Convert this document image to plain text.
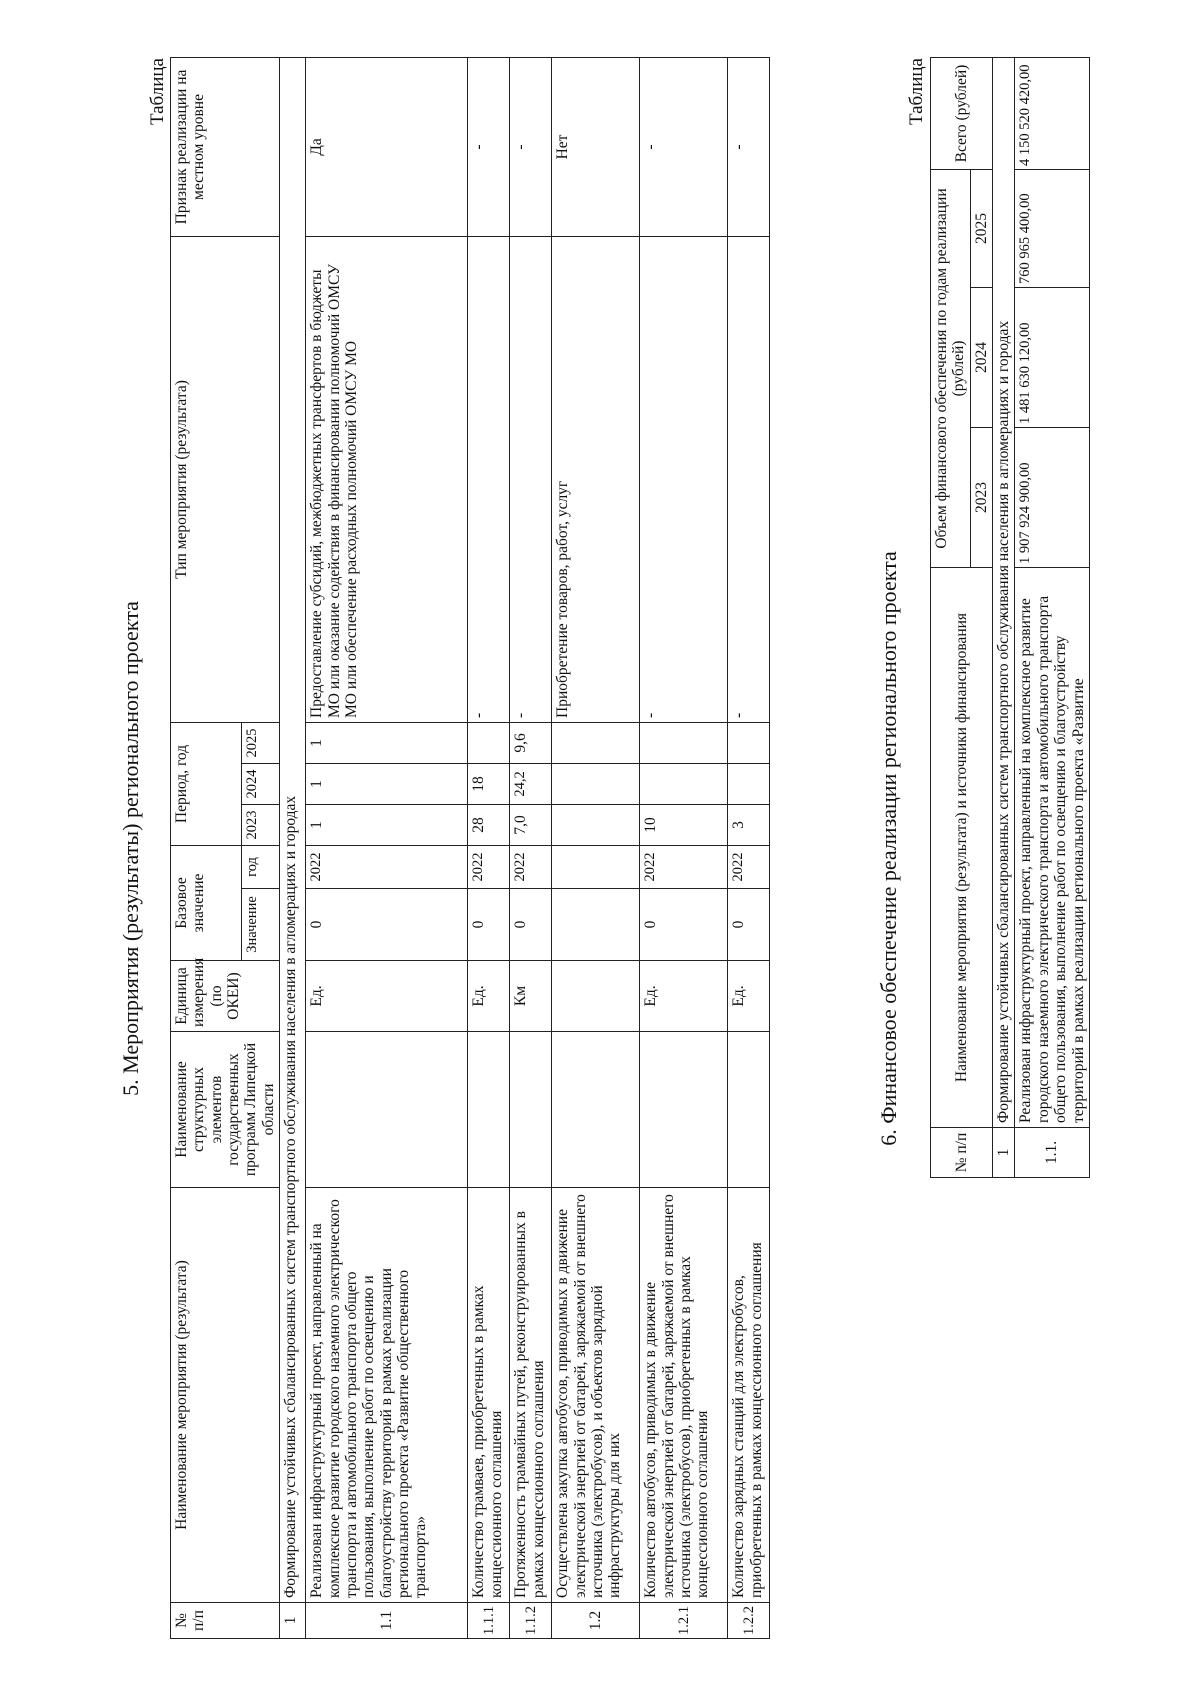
5. Мероприятия (результаты) регионального проекта
Таблица
№ п/п	Наименование мероприятия (результата)	Наименование структурных элементов государственных программ Липецкой области	Единица измерения (по ОКЕИ)	Базовое значение		Период, год			Тип мероприятия (результата)	Признак реализации на местном уровне
				Значение	год	2023	2024	2025		
1	Формирование устойчивых сбалансированных систем транспортного обслуживания населения в агломерациях и городах									
1.1	Реализован инфраструктурный проект, направленный на комплексное развитие городского наземного электрического транспорта и автомобильного транспорта общего пользования, выполнение работ по освещению и благоустройству территорий в рамках реализации регионального проекта «Развитие общественного транспорта»		Ед.	0	2022	1	1	1	Предоставление субсидий, межбюджетных трансфертов в бюджеты МО или оказание содействия в финансировании полномочий ОМСУ МО или обеспечение расходных полномочий ОМСУ МО	Да
1.1.1	Количество трамваев, приобретенных в рамках концессионного соглашения		Ед.	0	2022	28	18		-	-
1.1.2	Протяженность трамвайных путей, реконструированных в рамках концессионного соглашения		Км	0	2022	7,0	24,2	9,6	-	-
1.2	Осуществлена закупка автобусов, приводимых в движение электрической энергией от батарей, заряжаемой от внешнего источника (электробусов), и объектов зарядной инфраструктуры для них								Приобретение товаров, работ, услуг	Нет
1.2.1	Количество автобусов, приводимых в движение электрической энергией от батарей, заряжаемой от внешнего источника (электробусов), приобретенных в рамках концессионного соглашения		Ед.	0	2022	10			-	-
1.2.2	Количество зарядных станций для электробусов, приобретенных в рамках концессионного соглашения		Ед.	0	2022	3			-	-
6. Финансовое обеспечение реализации регионального проекта
Таблица
№ п/п	Наименование мероприятия (результата) и источники финансирования	Объем финансового обеспечения по годам реализации (рублей)			Всего (рублей)
		2023	2024	2025	
1	Формирование устойчивых сбалансированных систем транспортного обслуживания населения в агломерациях и городах				
1.1.	Реализован инфраструктурный проект, направленный на комплексное развитие городского наземного электрического транспорта и автомобильного транспорта общего пользования, выполнение работ по освещению и благоустройству территорий в рамках реализации регионального проекта «Развитие	1 907 924 900,00	1 481 630 120,00	760 965 400,00	4 150 520 420,00
